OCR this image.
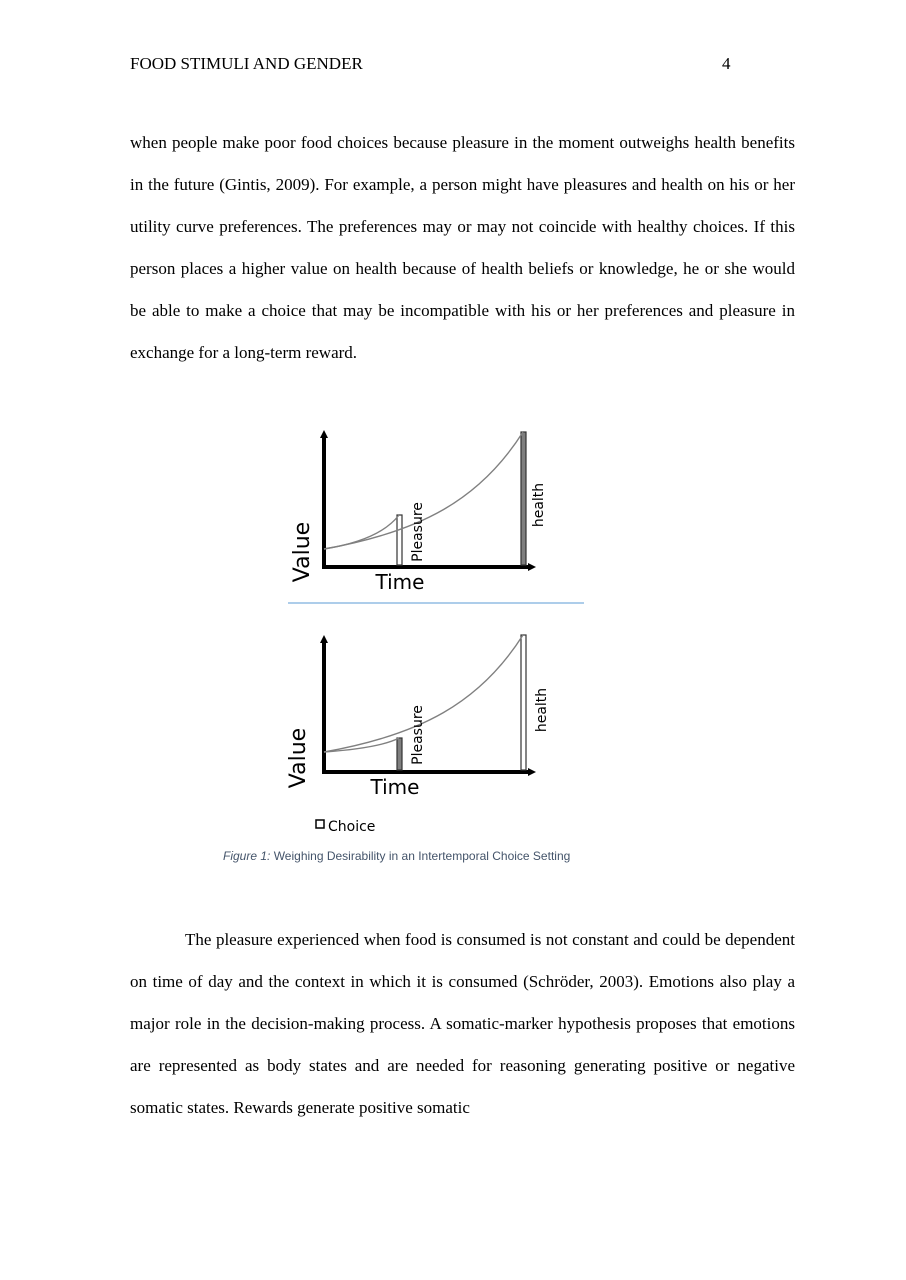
FOOD STIMULI AND GENDER	4
when people make poor food choices because pleasure in the moment outweighs health benefits in the future (Gintis, 2009). For example, a person might have pleasures and health on his or her utility curve preferences. The preferences may or may not coincide with healthy choices. If this person places a higher value on health because of health beliefs or knowledge, he or she would be able to make a choice that may be incompatible with his or her preferences and pleasure in exchange for a long-term reward.
Value	Time
Pleasure	health
Value	Time
Pleasure	health
Choice
Figure 1: Weighing Desirability in an Intertemporal Choice Setting
The pleasure experienced when food is consumed is not constant and could be dependent on time of day and the context in which it is consumed (Schröder, 2003). Emotions also play a major role in the decision-making process. A somatic-marker hypothesis proposes that emotions are represented as body states and are needed for reasoning generating positive or negative somatic states. Rewards generate positive somatic
